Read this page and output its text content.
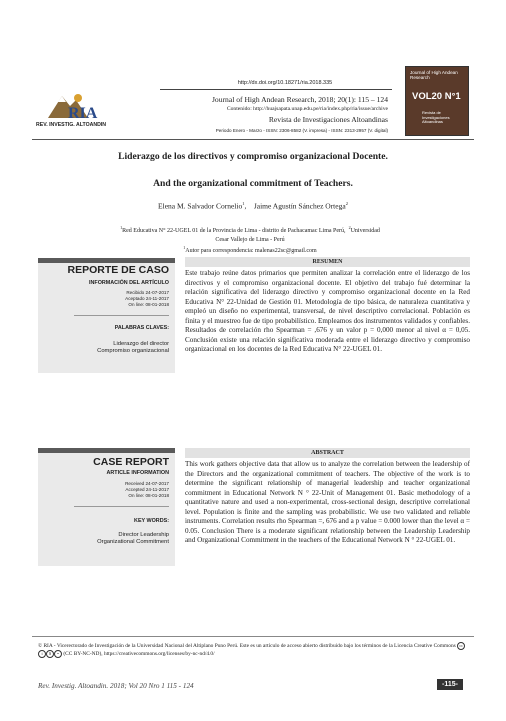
http://dx.doi.org/10.18271/ria.2018.335
Journal of High Andean Research, 2018; 20(1): 115 – 124
Contenido: http://huajsapata.unap.edu.pe/ria/index.php/ria/issue/archive
Revista de Investigaciones Altoandinas
Periodo Enero - Marzo - ISSN: 2306-8582 (V. impresa) - ISSN: 2313-2957 (V. digital)
RIA
REV. INVESTIG. ALTOANDIN
Journal of High Andean Research
VOL20 N°1
Revista de Investigaciones Altoandinas
Liderazgo de los directivos y compromiso organizacional Docente.
And the organizational commitment of Teachers.
Elena M. Salvador Cornelio$^1$,    Jaime Agustín Sánchez Ortega$^2$
$^1$Red Educativa N° 22-UGEL 01 de la Provincia de Lima - distrito de Pachacamac Lima Perú,  $^2$Universidad
Cesar Vallejo de Lima - Perú
$^1$Autor para correspondencia: malenas22sc@gmail.com
REPORTE DE CASO
INFORMACIÓN DEL ARTÍCULO
Recibido 24-07-2017
Aceptado 24-11-2017
On line: 08-01-2018
PALABRAS CLAVES:
Liderazgo del director
Compromiso organizacional
RESUMEN
Este trabajo reúne datos primarios que permiten analizar la correlación entre el liderazgo de los directivos y el compromiso organizacional docente. El objetivo del trabajo fué determinar la relación significativa del liderazgo directivo y compromiso organizacional docente en la Red Educativa N° 22-Unidad de Gestión 01. Metodología de tipo básica, de naturaleza cuantitativa y empleó un diseño no experimental, transversal, de nivel descriptivo correlacional. Población es finita y el muestreo fue de tipo probabilístico. Empleamos dos instrumentos validados y confiables. Resultados de correlación rho Spearman = ,676 y un valor p = 0,000 menor al nivel α = 0,05. Conclusión existe una relación significativa moderada entre el liderazgo directivo y compromiso organizacional en los docentes de la Red Educativa N° 22-UGEL 01.
CASE REPORT
ARTICLE INFORMATION
Received 24-07-2017
Accepted 24-11-2017
On line: 08-01-2018
KEY WORDS:
Director Leadership
Organizational Commitment
ABSTRACT
This work gathers objective data that allow us to analyze the correlation between the leadership of the Directors and the organizational commitment of teachers. The objective of the work is to determine the significant relationship of managerial leadership and teacher organizational commitment in Educational Network N ° 22-Unit of Management 01. Basic methodology of a quantitative nature and used a non-experimental, cross-sectional design, descriptive correlational level. Population is finite and the sampling was probabilistic. We use two validated and reliable instruments. Correlation results rho Spearman =, 676 and a p value = 0.000 lower than the level α = 0.05. Conclusion There is a moderate significant relationship between the Leadership Leadership and Organizational Commitment in the teachers of the Educational Network N ° 22-UGEL 01.
© RIA - Vicerectorado de Investigación de la Universidad Nacional del Altiplano Puno Perú. Este es un artículo de acceso abierto distribuido bajo los términos de la Licencia Creative Commons cci $ = (CC BY-NC-ND), https://creativecommons.org/licenses/by-nc-nd/4.0/
Rev. Investig. Altoandin. 2018; Vol 20 Nro 1 115 - 124	-115-
